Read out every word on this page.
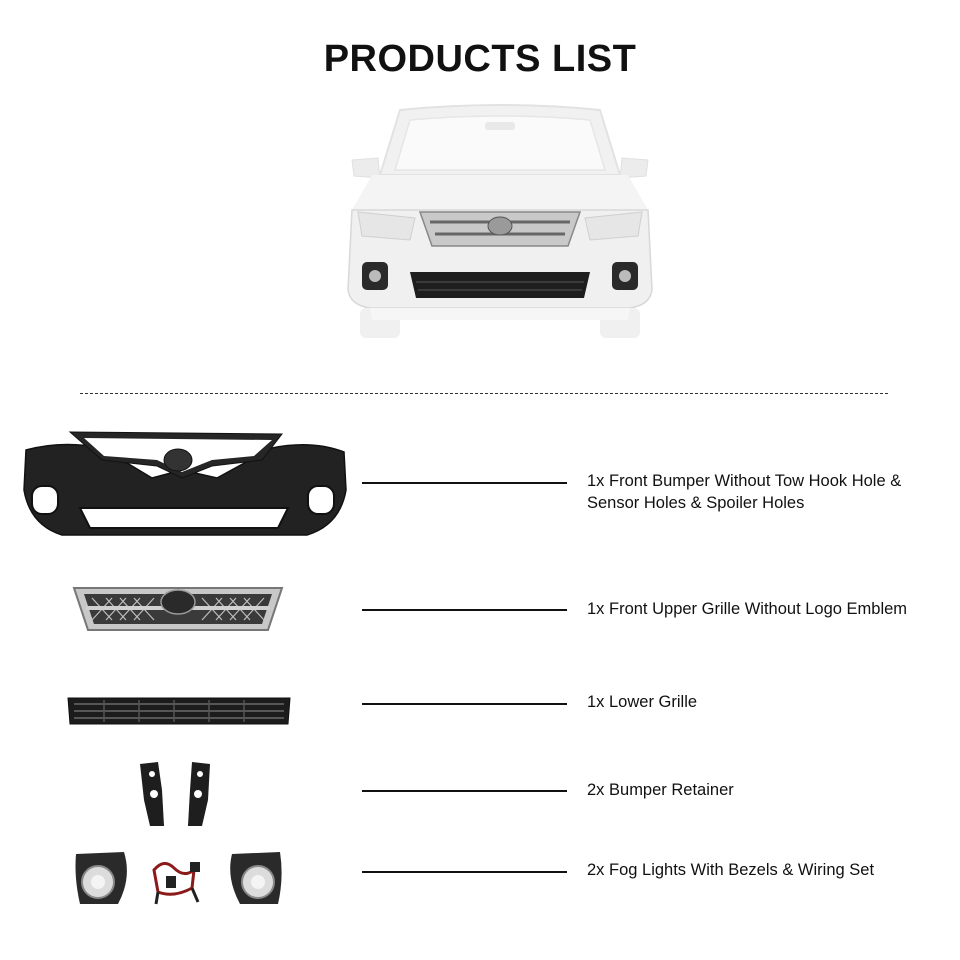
PRODUCTS LIST
1x Front Bumper Without Tow Hook Hole & Sensor Holes & Spoiler Holes
1x Front Upper Grille Without Logo Emblem
1x Lower Grille
2x Bumper Retainer
2x Fog Lights With Bezels & Wiring Set
